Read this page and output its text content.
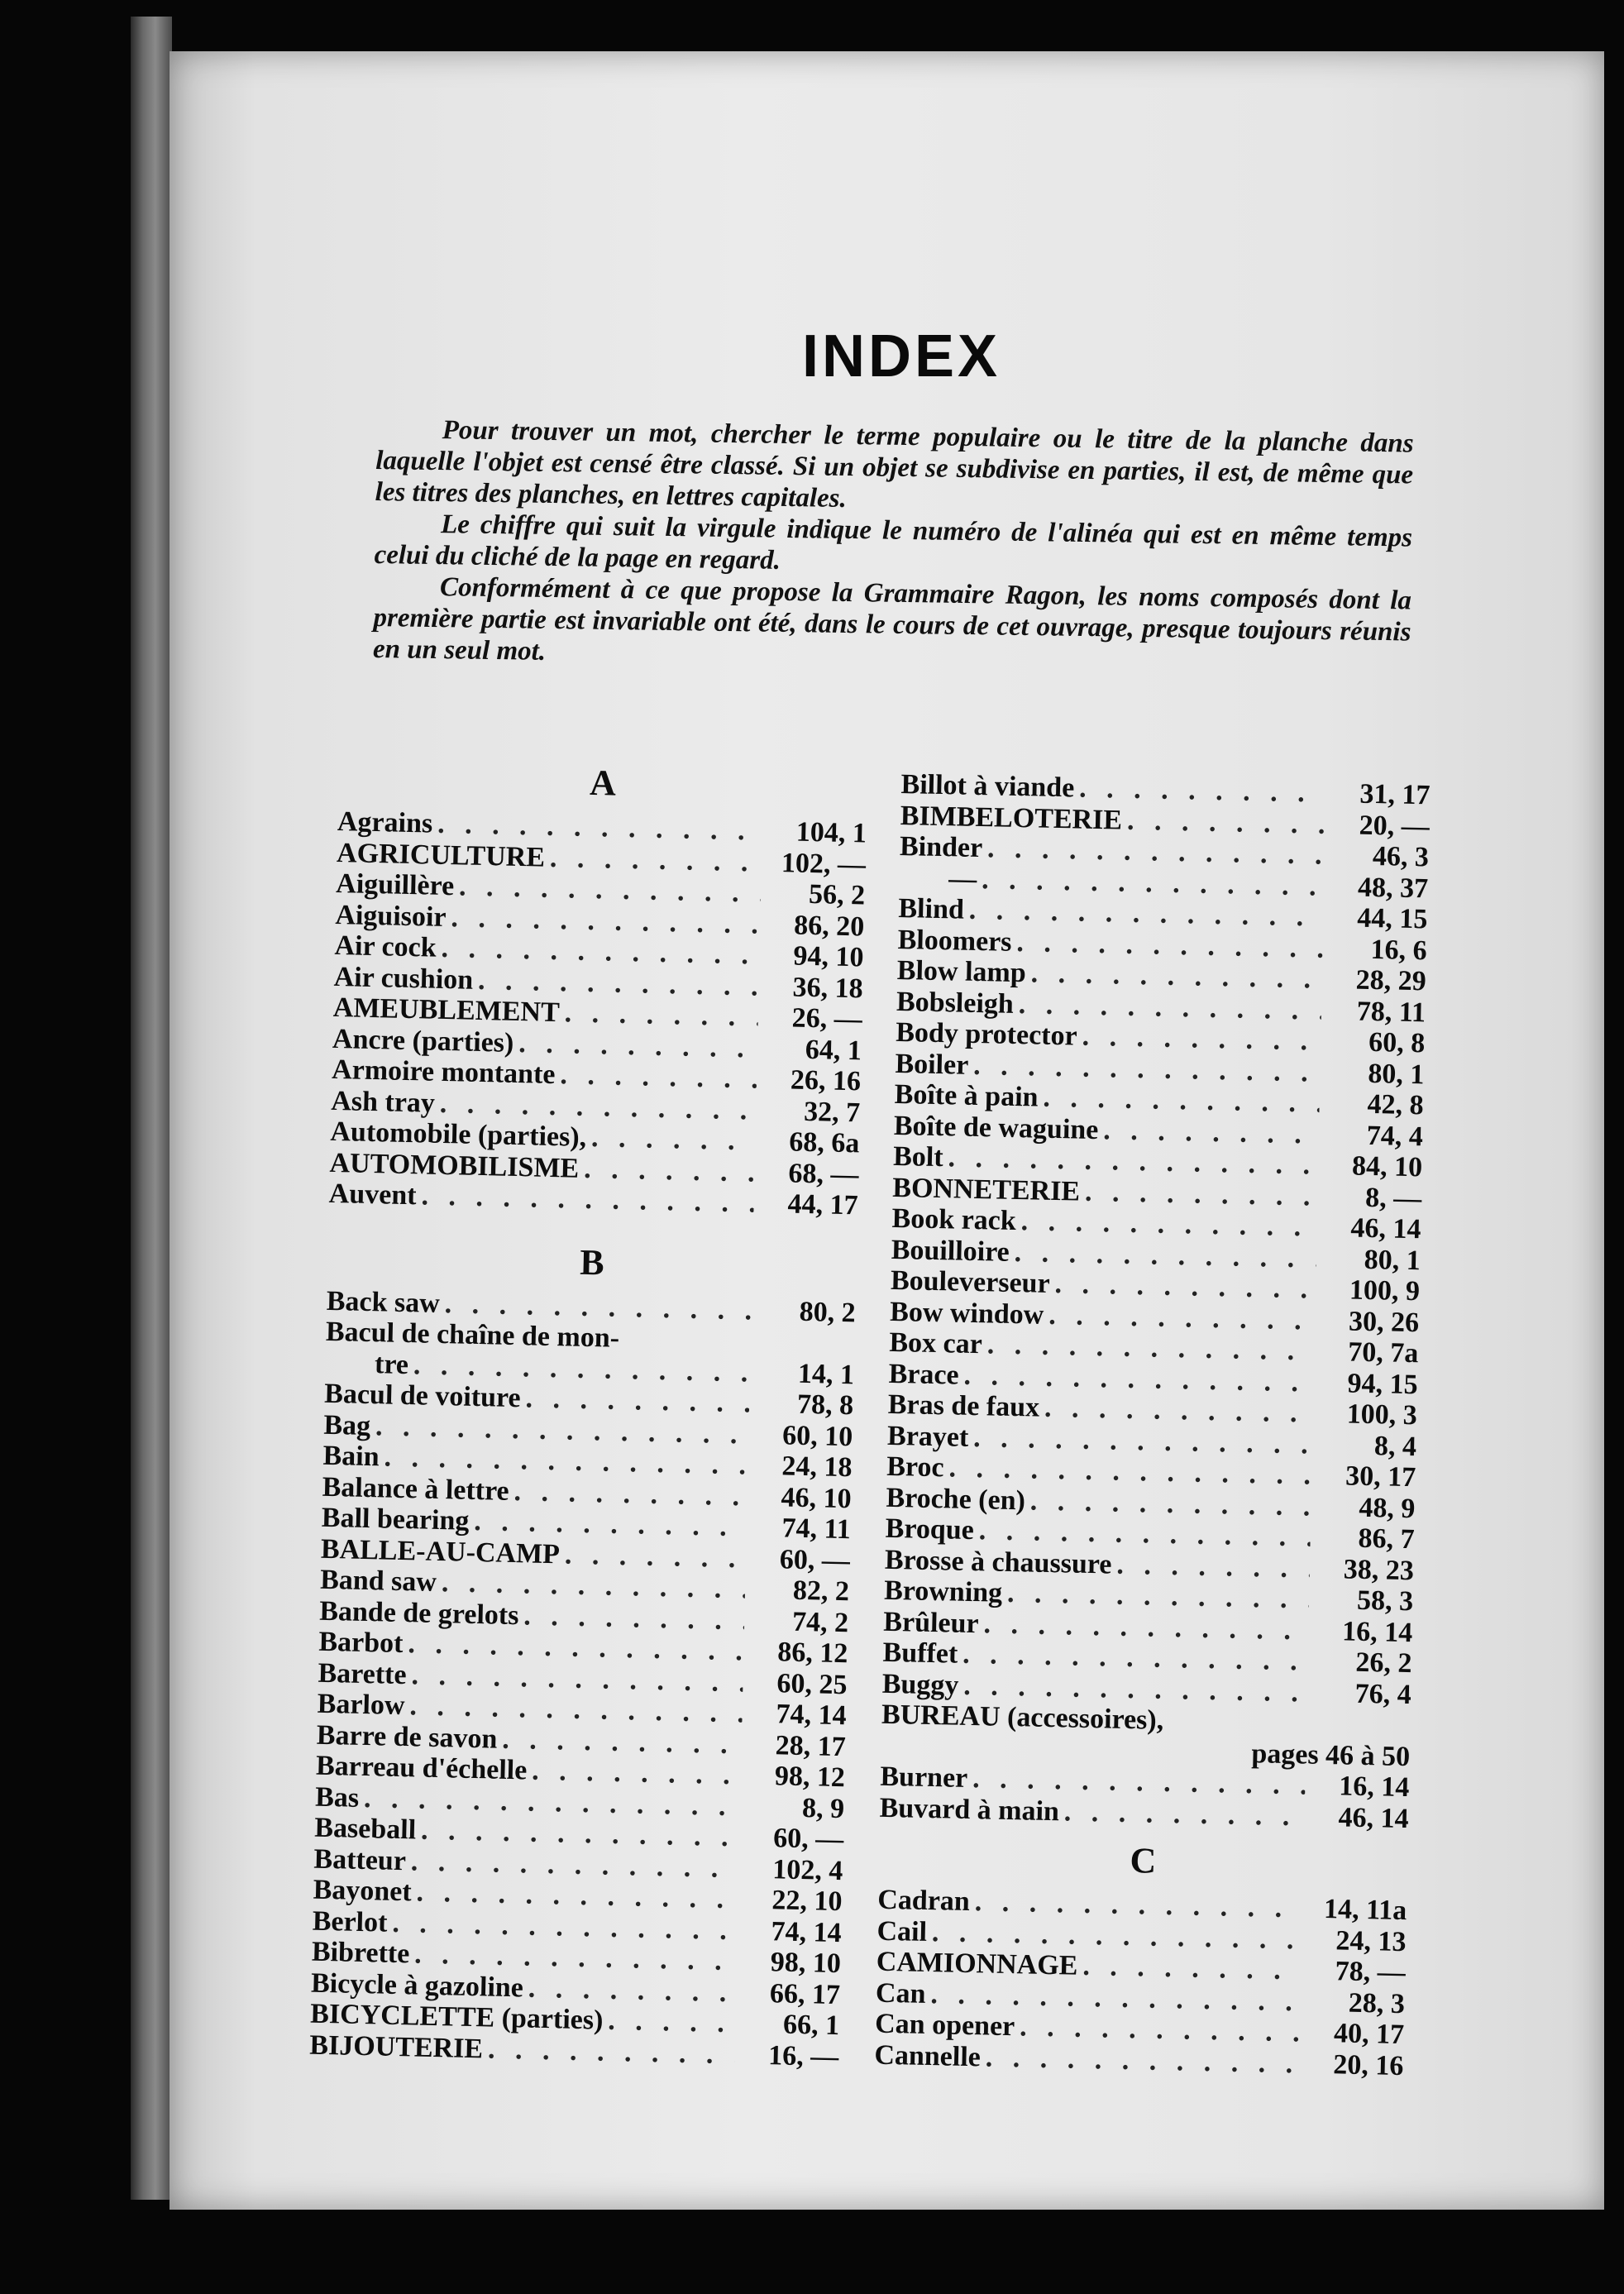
INDEX

Pour trouver un mot, chercher le terme populaire ou le titre de la planche dans laquelle l'objet est censé être classé. Si un objet se subdivise en parties, il est, de même que les titres des planches, en lettres capitales.

Le chiffre qui suit la virgule indique le numéro de l'alinéa qui est en même temps celui du cliché de la page en regard.

Conformément à ce que propose la Grammaire Ragon, les noms composés dont la première partie est invariable ont été, dans le cours de cet ouvrage, presque toujours réunis en un seul mot.

A
Agrains . . .	104, 1
AGRICULTURE . . .	102, —
Aiguillère . . .	56, 2
Aiguisoir . . .	86, 20
Air cock . . .	94, 10
Air cushion . . .	36, 18
AMEUBLEMENT . . .	26, —
Ancre (parties) . . .	64, 1
Armoire montante . . .	26, 16
Ash tray . . .	32, 7
Automobile (parties), . . .	68, 6a
AUTOMOBILISME . . .	68, —
Auvent . . .	44, 17
B
Back saw . . .	80, 2
Bacul de chaîne de mon-
tre . . .	14, 1
Bacul de voiture . . .	78, 8
Bag . . .	60, 10
Bain . . .	24, 18
Balance à lettre . . .	46, 10
Ball bearing . . .	74, 11
BALLE-AU-CAMP . . .	60, —
Band saw . . .	82, 2
Bande de grelots . . .	74, 2
Barbot . . .	86, 12
Barette . . .	60, 25
Barlow . . .	74, 14
Barre de savon . . .	28, 17
Barreau d'échelle . . .	98, 12
Bas . . .	8, 9
Baseball . . .	60, —
Batteur . . .	102, 4
Bayonet . . .	22, 10
Berlot . . .	74, 14
Bibrette . . .	98, 10
Bicycle à gazoline . . .	66, 17
BICYCLETTE (parties) . . .	66, 1
BIJOUTERIE . . .	16, —
Billot à viande . . .	31, 17
BIMBELOTERIE . . .	20, —
Binder . . .	46, 3
— . . .	48, 37
Blind . . .	44, 15
Bloomers . . .	16, 6
Blow lamp . . .	28, 29
Bobsleigh . . .	78, 11
Body protector . . .	60, 8
Boiler . . .	80, 1
Boîte à pain . . .	42, 8
Boîte de waguine . . .	74, 4
Bolt . . .	84, 10
BONNETERIE . . .	8, —
Book rack . . .	46, 14
Bouilloire . . .	80, 1
Bouleverseur . . .	100, 9
Bow window . . .	30, 26
Box car . . .	70, 7a
Brace . . .	94, 15
Bras de faux . . .	100, 3
Brayet . . .	8, 4
Broc . . .	30, 17
Broche (en) . . .	48, 9
Broque . . .	86, 7
Brosse à chaussure . . .	38, 23
Browning . . .	58, 3
Brûleur . . .	16, 14
Buffet . . .	26, 2
Buggy . . .	76, 4
BUREAU (accessoires),
pages 46 à 50
Burner . . .	16, 14
Buvard à main . . .	46, 14
C
Cadran . . .	14, 11a
Cail . . .	24, 13
CAMIONNAGE . . .	78, —
Can . . .	28, 3
Can opener . . .	40, 17
Cannelle . . .	20, 16
